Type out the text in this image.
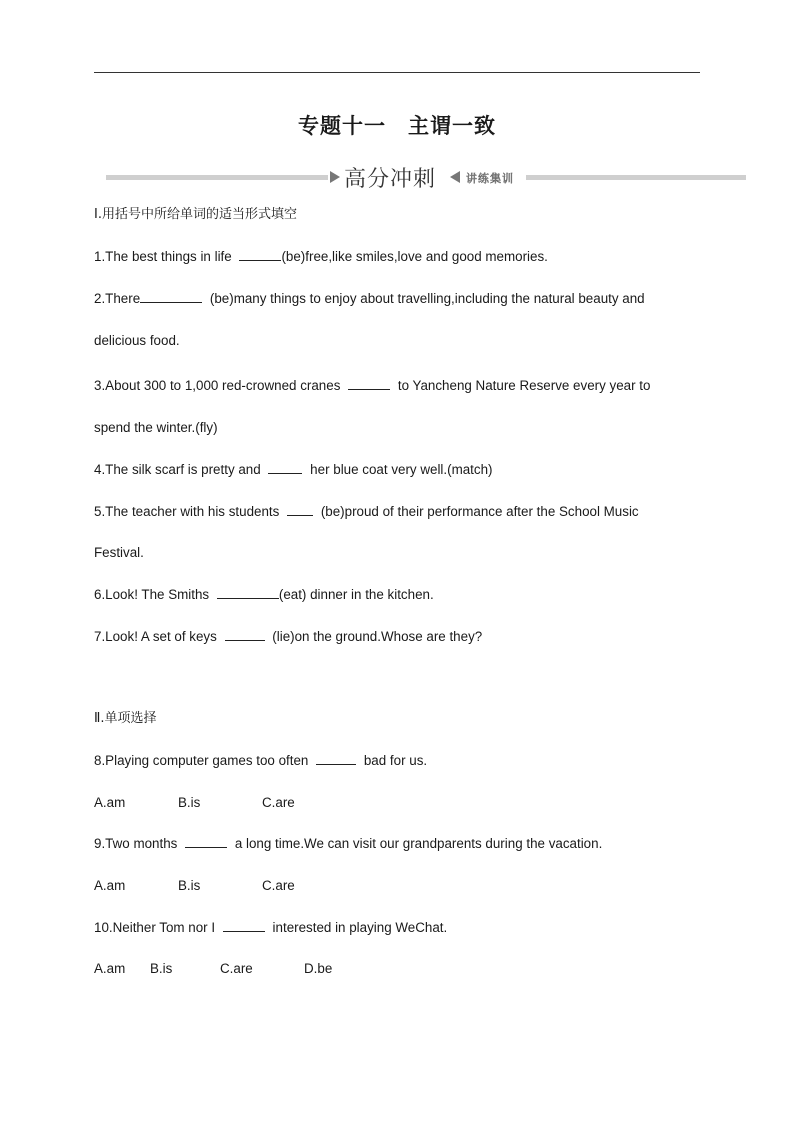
专题十一　主谓一致
高分冲刺	讲练集训
Ⅰ.用括号中所给单词的适当形式填空
1.The best things in life	(be)free,like smiles,love and good memories.
2.There	(be)many things to enjoy about travelling,including the natural beauty and
delicious food.
3.About 300 to 1,000 red-crowned cranes	to Yancheng Nature Reserve every year to
spend the winter.(fly)
4.The silk scarf is pretty and	her blue coat very well.(match)
5.The teacher with his students	(be)proud of their performance after the School Music
Festival.
6.Look! The Smiths	(eat) dinner in the kitchen.
7.Look! A set of keys	(lie)on the ground.Whose are they?
Ⅱ.单项选择
8.Playing computer games too often	bad for us.
A.am	B.is	C.are
9.Two months	a long time.We can visit our grandparents during the vacation.
A.am	B.is	C.are
10.Neither Tom nor I	interested in playing WeChat.
A.am B.is	C.are	D.be
